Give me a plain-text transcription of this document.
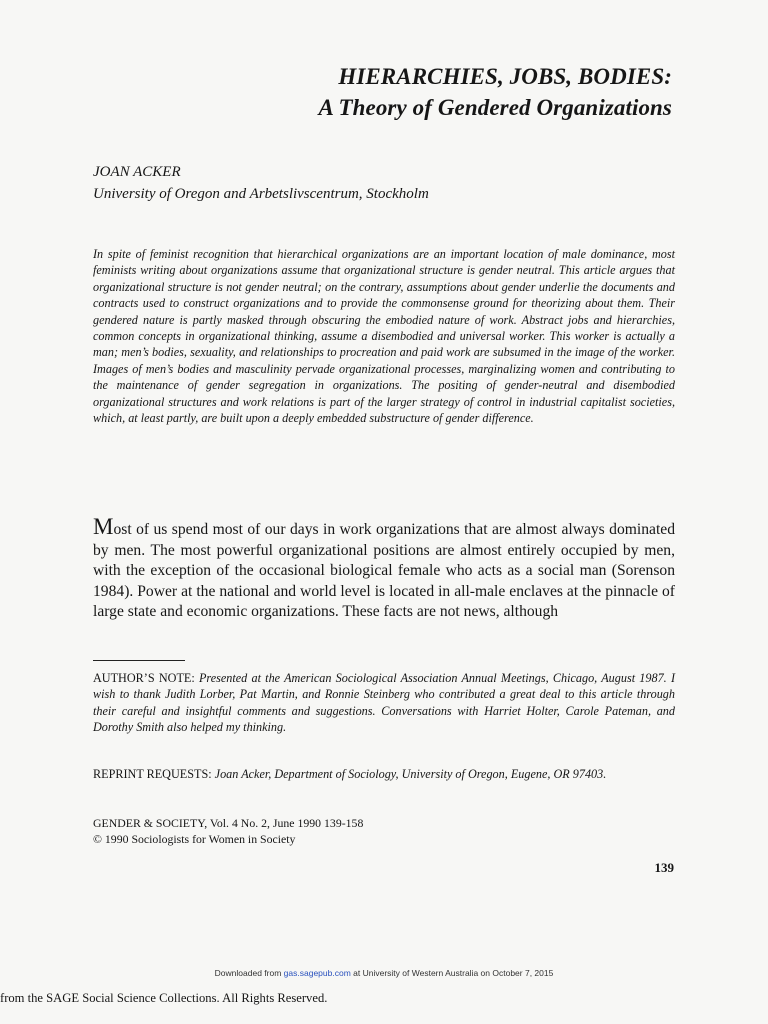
HIERARCHIES, JOBS, BODIES:
A Theory of Gendered Organizations
JOAN ACKER
University of Oregon and Arbetslivscentrum, Stockholm
In spite of feminist recognition that hierarchical organizations are an important location of male dominance, most feminists writing about organizations assume that organizational structure is gender neutral. This article argues that organizational structure is not gender neutral; on the contrary, assumptions about gender underlie the documents and contracts used to construct organizations and to provide the commonsense ground for theorizing about them. Their gendered nature is partly masked through obscuring the embodied nature of work. Abstract jobs and hierarchies, common concepts in organizational thinking, assume a disembodied and universal worker. This worker is actually a man; men’s bodies, sexuality, and relationships to procreation and paid work are subsumed in the image of the worker. Images of men’s bodies and masculinity pervade organizational processes, marginalizing women and contributing to the maintenance of gender segregation in organizations. The positing of gender-neutral and disembodied organizational structures and work relations is part of the larger strategy of control in industrial capitalist societies, which, at least partly, are built upon a deeply embedded substructure of gender difference.
Most of us spend most of our days in work organizations that are almost always dominated by men. The most powerful organizational positions are almost entirely occupied by men, with the exception of the occasional biological female who acts as a social man (Sorenson 1984). Power at the national and world level is located in all-male enclaves at the pinnacle of large state and economic organizations. These facts are not news, although
AUTHOR’S NOTE: Presented at the American Sociological Association Annual Meetings, Chicago, August 1987. I wish to thank Judith Lorber, Pat Martin, and Ronnie Steinberg who contributed a great deal to this article through their careful and insightful comments and suggestions. Conversations with Harriet Holter, Carole Pateman, and Dorothy Smith also helped my thinking.
REPRINT REQUESTS: Joan Acker, Department of Sociology, University of Oregon, Eugene, OR 97403.
GENDER & SOCIETY, Vol. 4 No. 2, June 1990 139-158
© 1990 Sociologists for Women in Society
139
Downloaded from gas.sagepub.com at University of Western Australia on October 7, 2015
from the SAGE Social Science Collections. All Rights Reserved.
